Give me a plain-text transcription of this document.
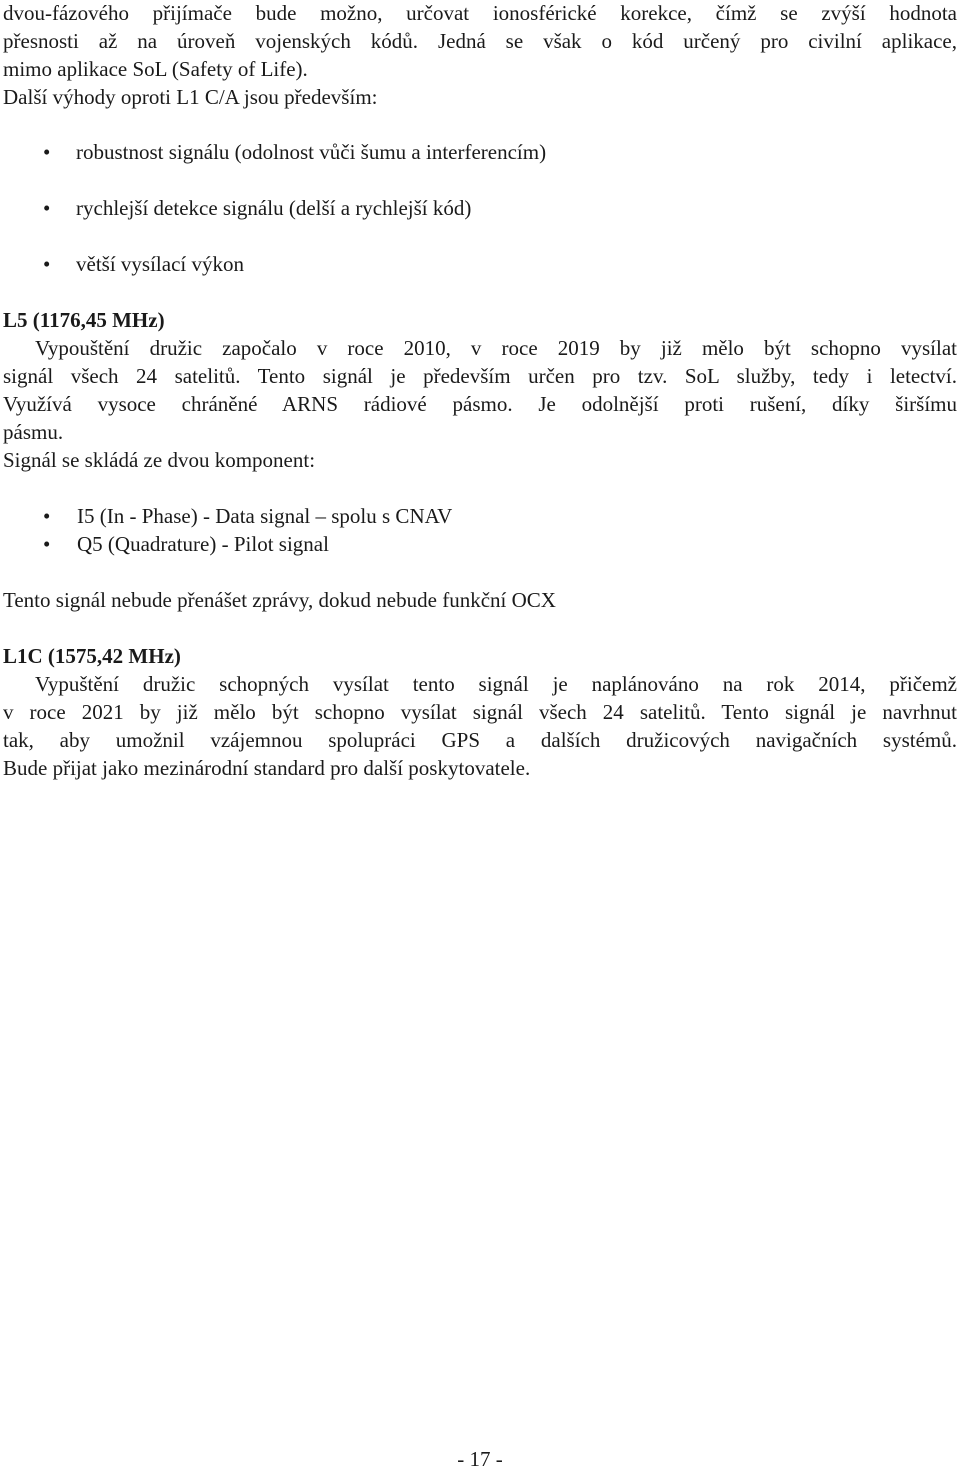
dvou-fázového přijímače bude možno, určovat ionosférické korekce, čímž se zvýší hodnota

přesnosti až na úroveň vojenských kódů. Jedná se však o kód určený pro civilní aplikace,

mimo aplikace SoL (Safety of Life).

Další výhody oproti L1 C/A jsou především:

• robustnost signálu (odolnost vůči šumu a interferencím)
• rychlejší detekce signálu (delší a rychlejší kód)
• větší vysílací výkon

L5 (1176,45 MHz)

Vypouštění družic započalo v roce 2010, v roce 2019 by již mělo být schopno vysílat

signál všech 24 satelitů. Tento signál je především určen pro tzv. SoL služby, tedy i letectví.

Využívá vysoce chráněné ARNS rádiové pásmo. Je odolnější proti rušení, díky širšímu

pásmu.

Signál se skládá ze dvou komponent:

• I5 (In - Phase) - Data signal – spolu s CNAV
• Q5 (Quadrature) - Pilot signal

Tento signál nebude přenášet zprávy, dokud nebude funkční OCX

L1C (1575,42 MHz)

Vypuštění družic schopných vysílat tento signál je naplánováno na rok 2014, přičemž

v roce 2021 by již mělo být schopno vysílat signál všech 24 satelitů. Tento signál je navrhnut

tak, aby umožnil vzájemnou spolupráci GPS a dalších družicových navigačních systémů.

Bude přijat jako mezinárodní standard pro další poskytovatele.

- 17 -
